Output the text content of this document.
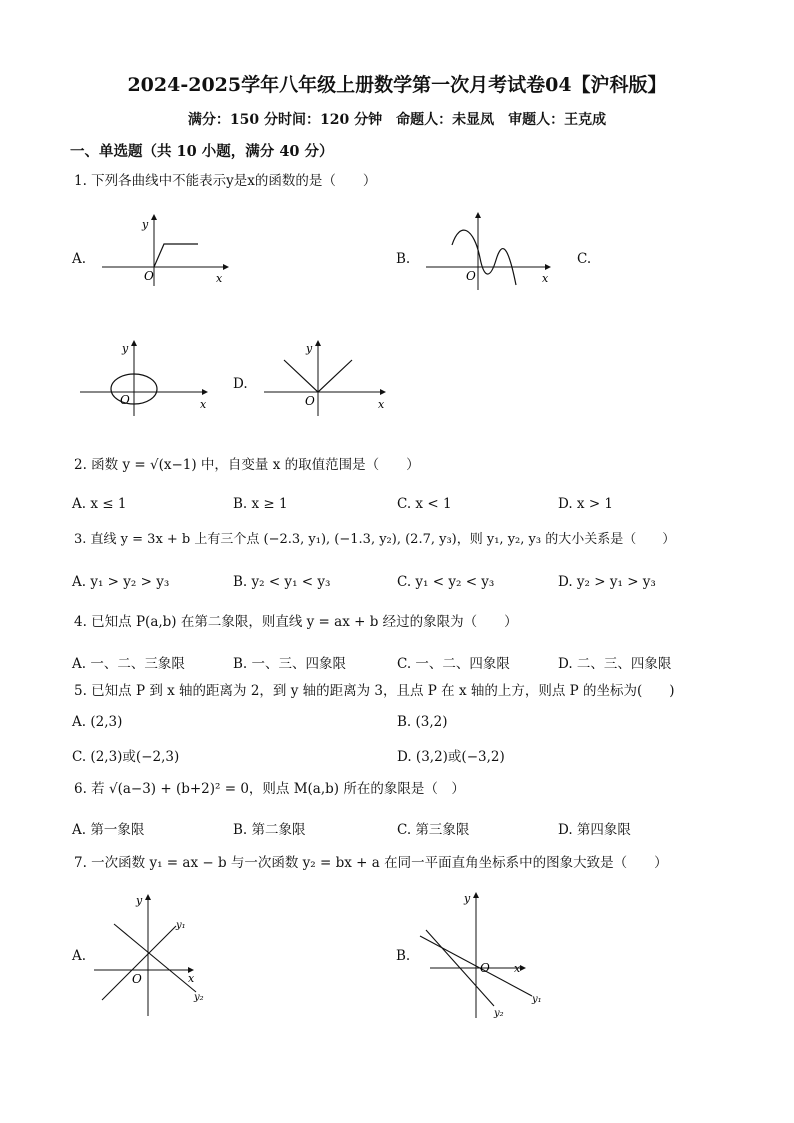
2024-2025学年八年级上册数学第一次月考试卷04【沪科版】
满分：150 分时间：120 分钟　命题人：未显凤　审题人：王克成
一、单选题（共 10 小题，满分 40 分）
1. 下列各曲线中不能表示y是x的函数的是（　　）
A.
O	x
y
B.
O	x
C.
O	x
y
D.
O	x
y
2. 函数 y = √(x−1) 中，自变量 x 的取值范围是（　　）
A. x ≤ 1	B. x ≥ 1	C. x < 1	D. x > 1
3. 直线 y = 3x + b 上有三个点 (−2.3, y₁), (−1.3, y₂), (2.7, y₃)，则 y₁, y₂, y₃ 的大小关系是（　　）
A. y₁ > y₂ > y₃	B. y₂ < y₁ < y₃	C. y₁ < y₂ < y₃	D. y₂ > y₁ > y₃
4. 已知点 P(a,b) 在第二象限，则直线 y = ax + b 经过的象限为（　　）
A. 一、二、三象限	B. 一、三、四象限	C. 一、二、四象限	D. 二、三、四象限
5. 已知点 P 到 x 轴的距离为 2，到 y 轴的距离为 3，且点 P 在 x 轴的上方，则点 P 的坐标为(　　)
A. (2,3)	B. (3,2)
C. (2,3)或(−2,3)	D. (3,2)或(−3,2)
6. 若 √(a−3) + (b+2)² = 0，则点 M(a,b) 所在的象限是（　）
A. 第一象限	B. 第二象限	C. 第三象限	D. 第四象限
7. 一次函数 y₁ = ax − b 与一次函数 y₂ = bx + a 在同一平面直角坐标系中的图象大致是（　　）
A.
O	x
y
y₁
y₂
B.
O x
y
y₁
y₂
